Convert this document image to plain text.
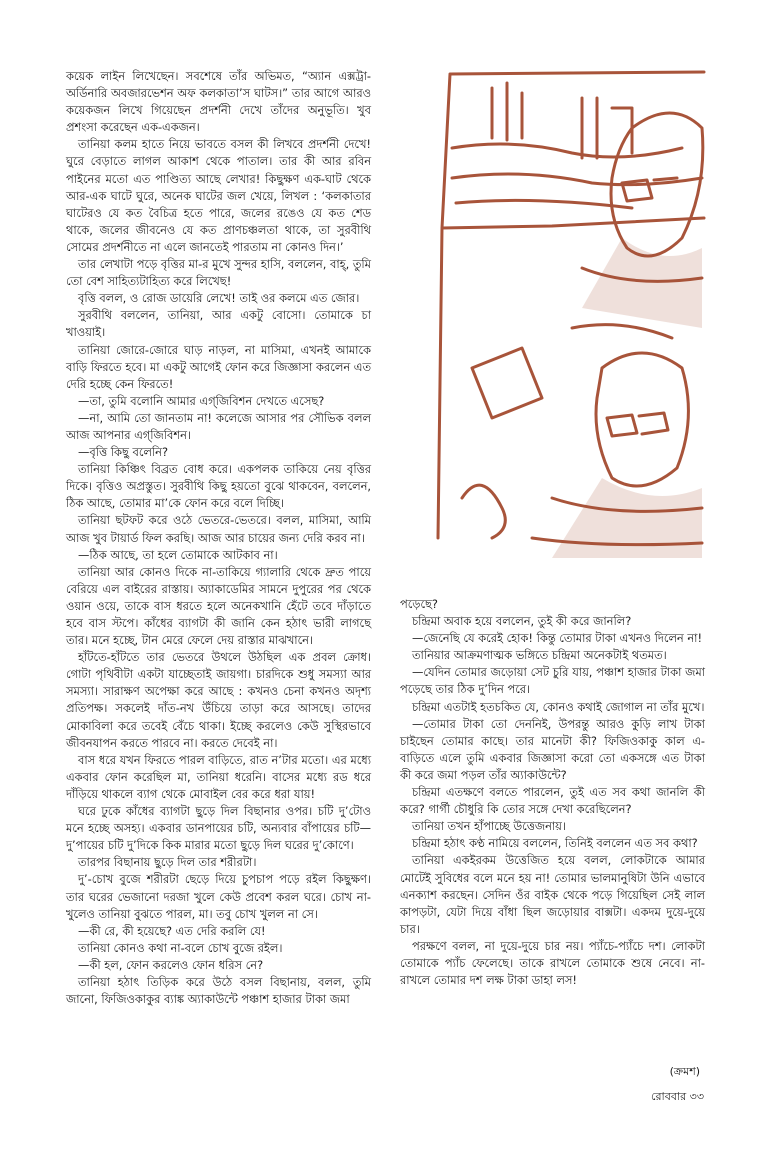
কয়েক লাইন লিখেছেন। সবশেষে তাঁর অভিমত, “অ্যান এক্সট্রা-অর্ডিনারি অবজারভেশন অফ কলকাতা’স ঘাটস।” তার আগে আরও কয়েকজন লিখে গিয়েছেন প্রদর্শনী দেখে তাঁদের অনুভূতি। খুব প্রশংসা করেছেন এক-একজন।

তানিয়া কলম হাতে নিয়ে ভাবতে বসল কী লিখবে প্রদর্শনী দেখে! ঘুরে বেড়াতে লাগল আকাশ থেকে পাতাল। তার কী আর রবিন পাইনের মতো এত পাণ্ডিত্য আছে লেখার! কিছুক্ষণ এক-ঘাট থেকে আর-এক ঘাটে ঘুরে, অনেক ঘাটের জল খেয়ে, লিখল : ‘কলকাতার ঘাটেরও যে কত বৈচিত্র হতে পারে, জলের রঙেও যে কত শেড থাকে, জলের জীবনেও যে কত প্রাণচঞ্চলতা থাকে, তা সুরবীথি সোমের প্রদর্শনীতে না এলে জানতেই পারতাম না কোনও দিন।’

তার লেখাটা পড়ে বৃত্তির মা-র মুখে সুন্দর হাসি, বললেন, বাহ্, তুমি তো বেশ সাহিত্যটাহিত্য করে লিখেছ!

বৃত্তি বলল, ও রোজ ডায়েরি লেখে! তাই ওর কলমে এত জোর।

সুরবীথি বললেন, তানিয়া, আর একটু বোসো। তোমাকে চা খাওয়াই।

তানিয়া জোরে-জোরে ঘাড় নাড়ল, না মাসিমা, এখনই আমাকে বাড়ি ফিরতে হবে। মা একটু আগেই ফোন করে জিজ্ঞাসা করলেন এত দেরি হচ্ছে কেন ফিরতে!

—তা, তুমি বলোনি আমার এগ্‌জিবিশন দেখতে এসেছ?

—না, আমি তো জানতাম না! কলেজে আসার পর সৌভিক বলল আজ আপনার এগ্‌জিবিশন।

—বৃত্তি কিছু বলেনি?

তানিয়া কিঞ্চিৎ বিব্রত বোধ করে। একপলক তাকিয়ে নেয় বৃত্তির দিকে। বৃত্তিও অপ্রস্তুত। সুরবীথি কিছু হয়তো বুঝে থাকবেন, বললেন, ঠিক আছে, তোমার মা’কে ফোন করে বলে দিচ্ছি।

তানিয়া ছটফট করে ওঠে ভেতরে-ভেতরে। বলল, মাসিমা, আমি আজ খুব টায়ার্ড ফিল করছি। আজ আর চায়ের জন্য দেরি করব না।

—ঠিক আছে, তা হলে তোমাকে আটকাব না।

তানিয়া আর কোনও দিকে না-তাকিয়ে গ্যালারি থেকে দ্রুত পায়ে বেরিয়ে এল বাইরের রাস্তায়। অ্যাকাডেমির সামনে দুপুরের পর থেকে ওয়ান ওয়ে, তাকে বাস ধরতে হলে অনেকখানি হেঁটে তবে দাঁড়াতে হবে বাস স্টপে। কাঁধের ব্যাগটা কী জানি কেন হঠাৎ ভারী লাগছে তার। মনে হচ্ছে, টান মেরে ফেলে দেয় রাস্তার মাঝখানে।

হাঁটতে-হাঁটতে তার ভেতরে উথলে উঠছিল এক প্রবল ক্রোধ। গোটা পৃথিবীটা একটা যাচ্ছেতাই জায়গা। চারদিকে শুধু সমস্যা আর সমস্যা। সারাক্ষণ অপেক্ষা করে আছে : কখনও চেনা কখনও অদৃশ্য প্রতিপক্ষ। সকলেই দাঁত-নখ উঁচিয়ে তাড়া করে আসছে। তাদের মোকাবিলা করে তবেই বেঁচে থাকা। ইচ্ছে করলেও কেউ সুস্থিরভাবে জীবনযাপন করতে পারবে না। করতে দেবেই না।

বাস ধরে যখন ফিরতে পারল বাড়িতে, রাত ন’টার মতো। এর মধ্যে একবার ফোন করেছিল মা, তানিয়া ধরেনি। বাসের মধ্যে রড ধরে দাঁড়িয়ে থাকলে ব্যাগ থেকে মোবাইল বের করে ধরা যায়!

ঘরে ঢুকে কাঁধের ব্যাগটা ছুড়ে দিল বিছানার ওপর। চটি দু’টোও মনে হচ্ছে অসহ্য। একবার ডানপায়ের চটি, অন্যবার বাঁপায়ের চটি—দু’পায়ের চটি দু’দিকে কিক মারার মতো ছুড়ে দিল ঘরের দু’কোণে।

তারপর বিছানায় ছুড়ে দিল তার শরীরটা।

দু’-চোখ বুজে শরীরটা ছেড়ে দিয়ে চুপচাপ পড়ে রইল কিছুক্ষণ। তার ঘরের ভেজানো দরজা খুলে কেউ প্রবেশ করল ঘরে। চোখ না-খুলেও তানিয়া বুঝতে পারল, মা। তবু চোখ খুলল না সে।

—কী রে, কী হয়েছে? এত দেরি করলি যে!

তানিয়া কোনও কথা না-বলে চোখ বুজে রইল।

—কী হল, ফোন করলেও ফোন ধরিস নে?

তানিয়া হঠাৎ তিড়িক করে উঠে বসল বিছানায়, বলল, তুমি জানো, ফিজিওকাকুর ব্যাঙ্ক অ্যাকাউন্টে পঞ্চাশ হাজার টাকা জমা

পড়েছে?

চন্দ্রিমা অবাক হয়ে বললেন, তুই কী করে জানলি?

—জেনেছি যে করেই হোক! কিন্তু তোমার টাকা এখনও দিলেন না!

তানিয়ার আক্রমণাত্মক ভঙ্গিতে চন্দ্রিমা অনেকটাই থতমত।

—যেদিন তোমার জড়োয়া সেট চুরি যায়, পঞ্চাশ হাজার টাকা জমা পড়েছে তার ঠিক দু’দিন পরে।

চন্দ্রিমা এতটাই হতচকিত যে, কোনও কথাই জোগাল না তাঁর মুখে।

—তোমার টাকা তো দেননিই, উপরন্তু আরও কুড়ি লাখ টাকা চাইছেন তোমার কাছে। তার মানেটা কী? ফিজিওকাকু কাল এ-বাড়িতে এলে তুমি একবার জিজ্ঞাসা করো তো একসঙ্গে এত টাকা কী করে জমা পড়ল তাঁর অ্যাকাউন্টে?

চন্দ্রিমা এতক্ষণে বলতে পারলেন, তুই এত সব কথা জানলি কী করে? গার্গী চৌধুরি কি তোর সঙ্গে দেখা করেছিলেন?

তানিয়া তখন হাঁপাচ্ছে উত্তেজনায়।

চন্দ্রিমা হঠাৎ কণ্ঠ নামিয়ে বললেন, তিনিই বললেন এত সব কথা?

তানিয়া একইরকম উত্তেজিত হয়ে বলল, লোকটাকে আমার মোটেই সুবিধের বলে মনে হয় না! তোমার ভালমানুষিটা উনি এভাবে এনক্যাশ করছেন। সেদিন ওঁর বাইক থেকে পড়ে গিয়েছিল সেই লাল কাপড়টা, যেটা দিয়ে বাঁধা ছিল জড়োয়ার বাক্সটা। একদম দুয়ে-দুয়ে চার।

পরক্ষণে বলল, না দুয়ে-দুয়ে চার নয়। প্যাঁচে-প্যাঁচে দশ। লোকটা তোমাকে প্যাঁচ ফেলেছে। তাকে রাখলে তোমাকে শুষে নেবে। না-রাখলে তোমার দশ লক্ষ টাকা ডাহা লস!

(ক্রমশ)
রোববার ৩৩
